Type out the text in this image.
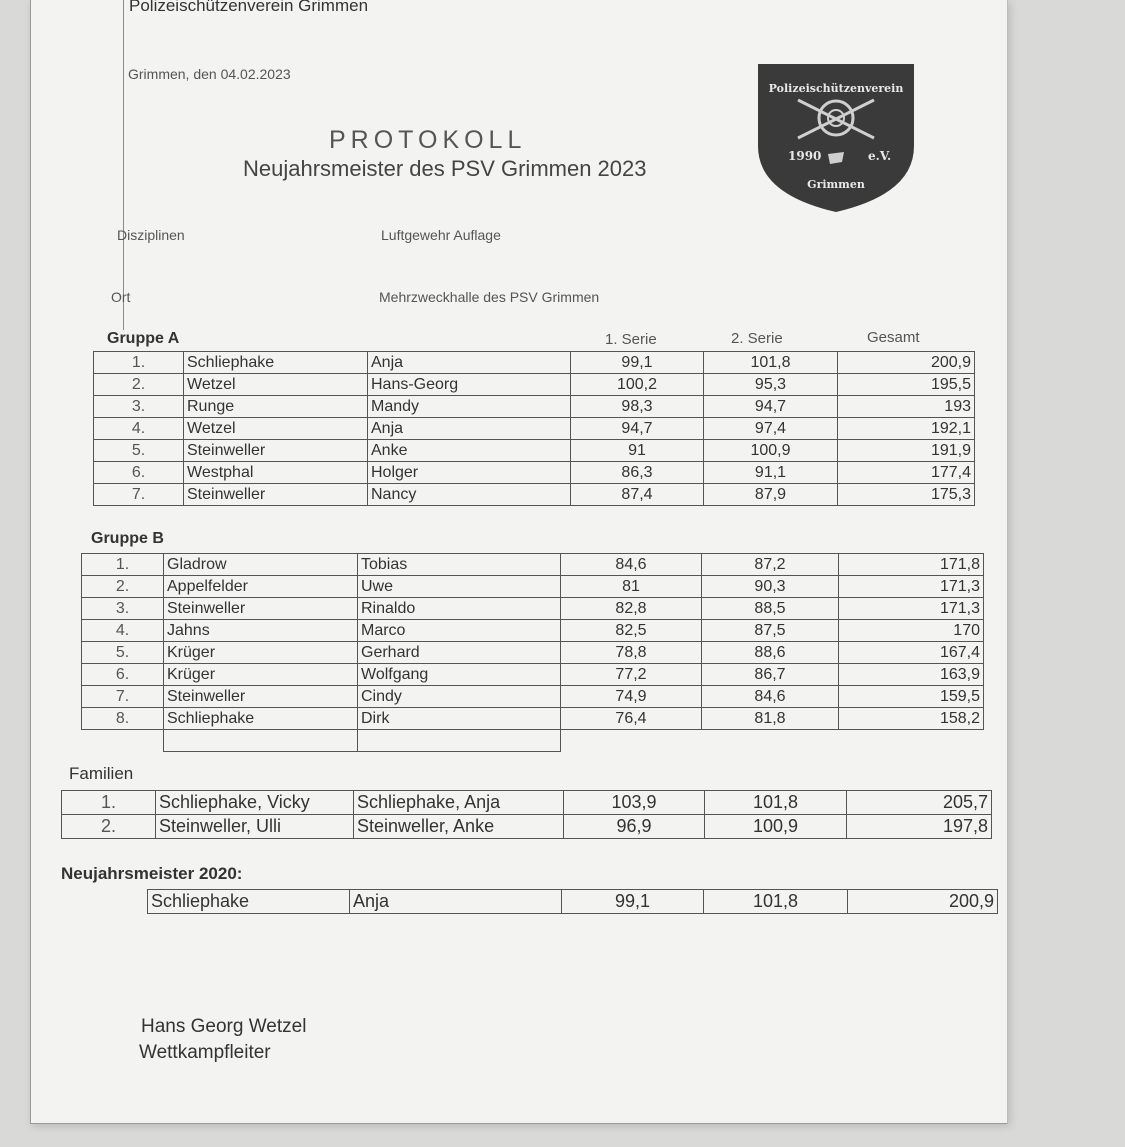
Polizeischützenverein Grimmen
Grimmen, den 04.02.2023
PROTOKOLL
Neujahrsmeister des PSV Grimmen 2023
Polizeischützenverein
1990	e.V.
Grimmen
Disziplinen	Luftgewehr Auflage
Ort	Mehrzweckhalle des PSV Grimmen
Gruppe A	1. Serie	2. Serie	Gesamt
1.	Schliephake	Anja	99,1	101,8	200,9
2.	Wetzel	Hans-Georg	100,2	95,3	195,5
3.	Runge	Mandy	98,3	94,7	193
4.	Wetzel	Anja	94,7	97,4	192,1
5.	Steinweller	Anke	91	100,9	191,9
6.	Westphal	Holger	86,3	91,1	177,4
7.	Steinweller	Nancy	87,4	87,9	175,3
Gruppe B
1.	Gladrow	Tobias	84,6	87,2	171,8
2.	Appelfelder	Uwe	81	90,3	171,3
3.	Steinweller	Rinaldo	82,8	88,5	171,3
4.	Jahns	Marco	82,5	87,5	170
5.	Krüger	Gerhard	78,8	88,6	167,4
6.	Krüger	Wolfgang	77,2	86,7	163,9
7.	Steinweller	Cindy	74,9	84,6	159,5
8.	Schliephake	Dirk	76,4	81,8	158,2

Familien
1.	Schliephake, Vicky	Schliephake, Anja	103,9	101,8	205,7
2.	Steinweller, Ulli	Steinweller, Anke	96,9	100,9	197,8
Neujahrsmeister 2020:
Schliephake	Anja	99,1	101,8	200,9
Hans Georg Wetzel
Wettkampfleiter
